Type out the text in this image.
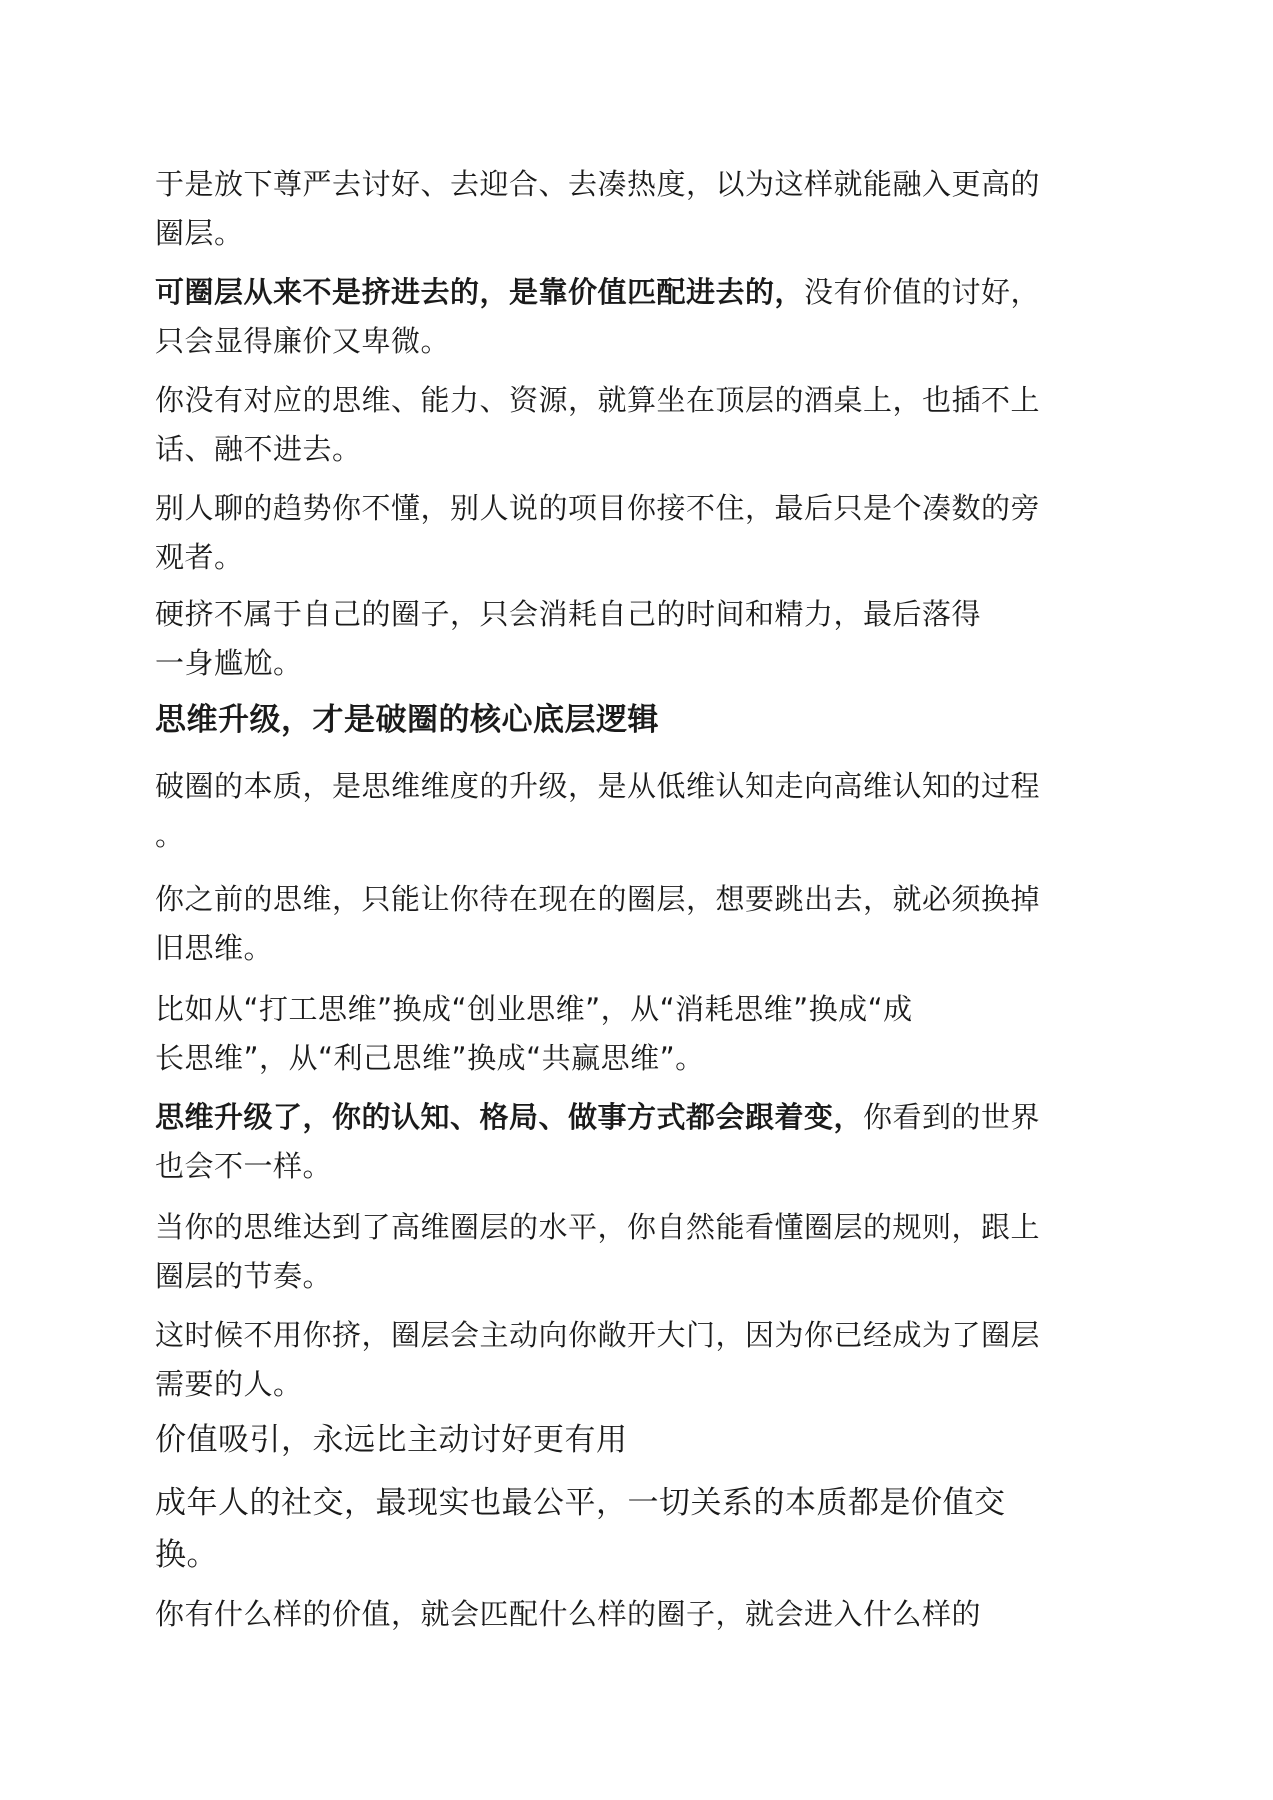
于是放下尊严去讨好、去迎合、去凑热度，以为这样就能融入更高的
圈层。

可圈层从来不是挤进去的，是靠价值匹配进去的，没有价值的讨好，
只会显得廉价又卑微。

你没有对应的思维、能力、资源，就算坐在顶层的酒桌上，也插不上
话、融不进去。

别人聊的趋势你不懂，别人说的项目你接不住，最后只是个凑数的旁
观者。

硬挤不属于自己的圈子，只会消耗自己的时间和精力，最后落得
一身尴尬。

思维升级，才是破圈的核心底层逻辑

破圈的本质，是思维维度的升级，是从低维认知走向高维认知的过程
。

你之前的思维，只能让你待在现在的圈层，想要跳出去，就必须换掉
旧思维。

比如从“打工思维”换成“创业思维”，从“消耗思维”换成“成
长思维”，从“利己思维”换成“共赢思维”。

思维升级了，你的认知、格局、做事方式都会跟着变，你看到的世界
也会不一样。

当你的思维达到了高维圈层的水平，你自然能看懂圈层的规则，跟上
圈层的节奏。

这时候不用你挤，圈层会主动向你敞开大门，因为你已经成为了圈层
需要的人。

价值吸引，永远比主动讨好更有用

成年人的社交，最现实也最公平，一切关系的本质都是价值交
换。

你有什么样的价值，就会匹配什么样的圈子，就会进入什么样的
